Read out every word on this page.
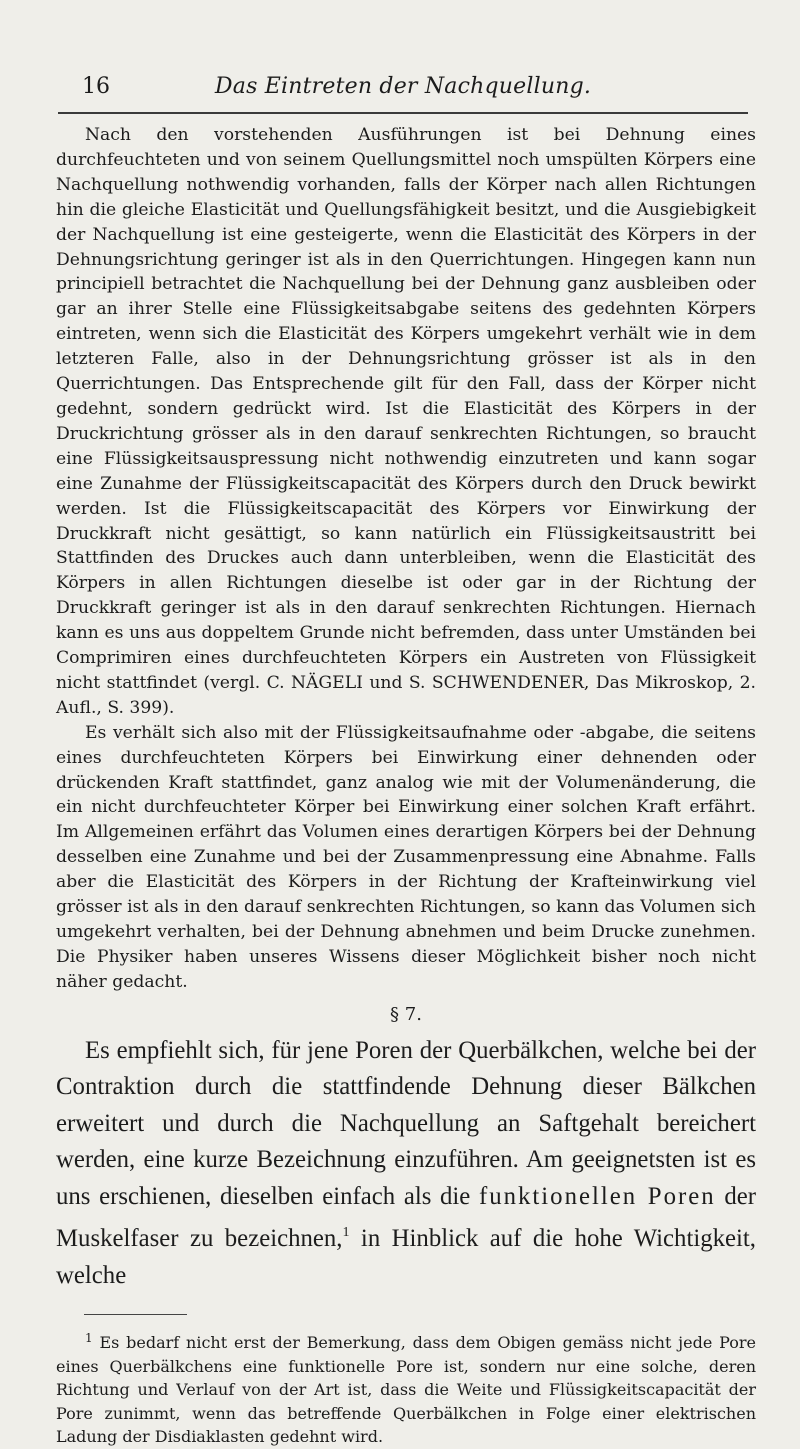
16	Das Eintreten der Nachquellung.

Nach den vorstehenden Ausführungen ist bei Dehnung eines durchfeuchteten und von seinem Quellungsmittel noch umspülten Körpers eine Nachquellung nothwendig vorhanden, falls der Körper nach allen Richtungen hin die gleiche Elasticität und Quellungsfähigkeit besitzt, und die Ausgiebigkeit der Nachquellung ist eine gesteigerte, wenn die Elasticität des Körpers in der Dehnungsrichtung geringer ist als in den Querrichtungen. Hingegen kann nun principiell betrachtet die Nachquellung bei der Dehnung ganz ausbleiben oder gar an ihrer Stelle eine Flüssigkeitsabgabe seitens des gedehnten Körpers eintreten, wenn sich die Elasticität des Körpers umgekehrt verhält wie in dem letzteren Falle, also in der Dehnungsrichtung grösser ist als in den Querrichtungen. Das Entsprechende gilt für den Fall, dass der Körper nicht gedehnt, sondern gedrückt wird. Ist die Elasticität des Körpers in der Druckrichtung grösser als in den darauf senkrechten Richtungen, so braucht eine Flüssigkeitsauspressung nicht nothwendig einzutreten und kann sogar eine Zunahme der Flüssigkeitscapacität des Körpers durch den Druck bewirkt werden. Ist die Flüssigkeitscapacität des Körpers vor Einwirkung der Druckkraft nicht gesättigt, so kann natürlich ein Flüssigkeitsaustritt bei Stattfinden des Druckes auch dann unterbleiben, wenn die Elasticität des Körpers in allen Richtungen dieselbe ist oder gar in der Richtung der Druckkraft geringer ist als in den darauf senkrechten Richtungen. Hiernach kann es uns aus doppeltem Grunde nicht befremden, dass unter Umständen bei Comprimiren eines durchfeuchteten Körpers ein Austreten von Flüssigkeit nicht stattfindet (vergl. C. NÄGELI und S. SCHWENDENER, Das Mikroskop, 2. Aufl., S. 399).

Es verhält sich also mit der Flüssigkeitsaufnahme oder -abgabe, die seitens eines durchfeuchteten Körpers bei Einwirkung einer dehnenden oder drückenden Kraft stattfindet, ganz analog wie mit der Volumenänderung, die ein nicht durchfeuchteter Körper bei Einwirkung einer solchen Kraft erfährt. Im Allgemeinen erfährt das Volumen eines derartigen Körpers bei der Dehnung desselben eine Zunahme und bei der Zusammenpressung eine Abnahme. Falls aber die Elasticität des Körpers in der Richtung der Krafteinwirkung viel grösser ist als in den darauf senkrechten Richtungen, so kann das Volumen sich umgekehrt verhalten, bei der Dehnung abnehmen und beim Drucke zunehmen. Die Physiker haben unseres Wissens dieser Möglichkeit bisher noch nicht näher gedacht.

§ 7.

Es empfiehlt sich, für jene Poren der Querbälkchen, welche bei der Contraktion durch die stattfindende Dehnung dieser Bälkchen erweitert und durch die Nachquellung an Saftgehalt bereichert werden, eine kurze Bezeichnung einzuführen. Am geeignetsten ist es uns erschienen, dieselben einfach als die funktionellen Poren der Muskelfaser zu bezeichnen,$^1$ in Hinblick auf die hohe Wichtigkeit, welche

$^1$ Es bedarf nicht erst der Bemerkung, dass dem Obigen gemäss nicht jede Pore eines Querbälkchens eine funktionelle Pore ist, sondern nur eine solche, deren Richtung und Verlauf von der Art ist, dass die Weite und Flüssigkeitscapacität der Pore zunimmt, wenn das betreffende Querbälkchen in Folge einer elektrischen Ladung der Disdiaklasten gedehnt wird.
